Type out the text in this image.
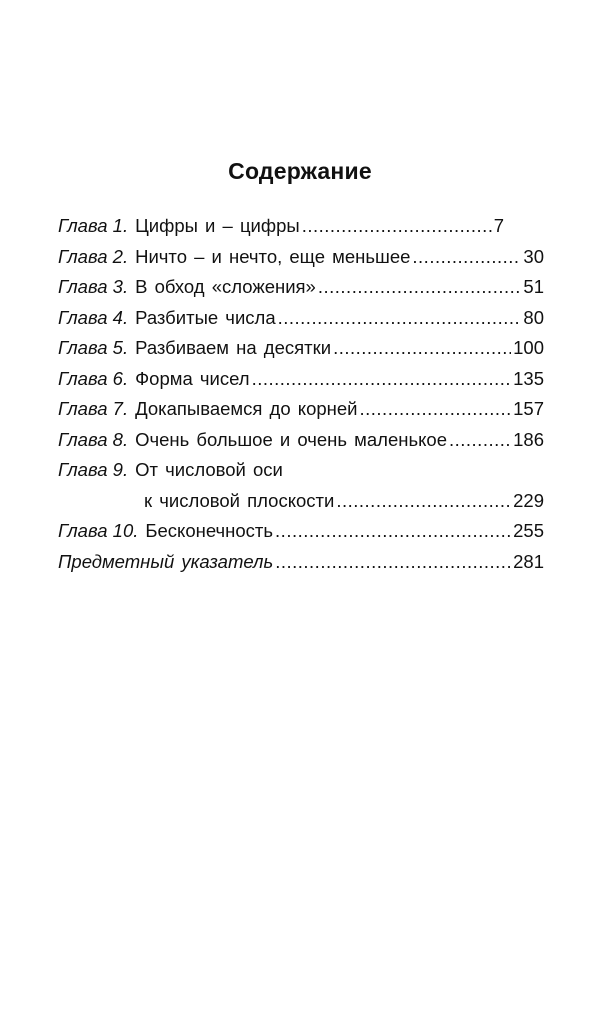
Содержание
Глава 1. Цифры и – цифры .....	7
Глава 2. Ничто – и нечто, еще меньшее .....	30
Глава 3. В обход «сложения» .....	51
Глава 4. Разбитые числа .....	80
Глава 5. Разбиваем на десятки .....	100
Глава 6. Форма чисел .....	135
Глава 7. Докапываемся до корней .....	157
Глава 8. Очень большое и очень маленькое .....	186
Глава 9. От числовой оси
к числовой плоскости .....	229
Глава 10. Бесконечность .....	255
Предметный указатель .....	281
